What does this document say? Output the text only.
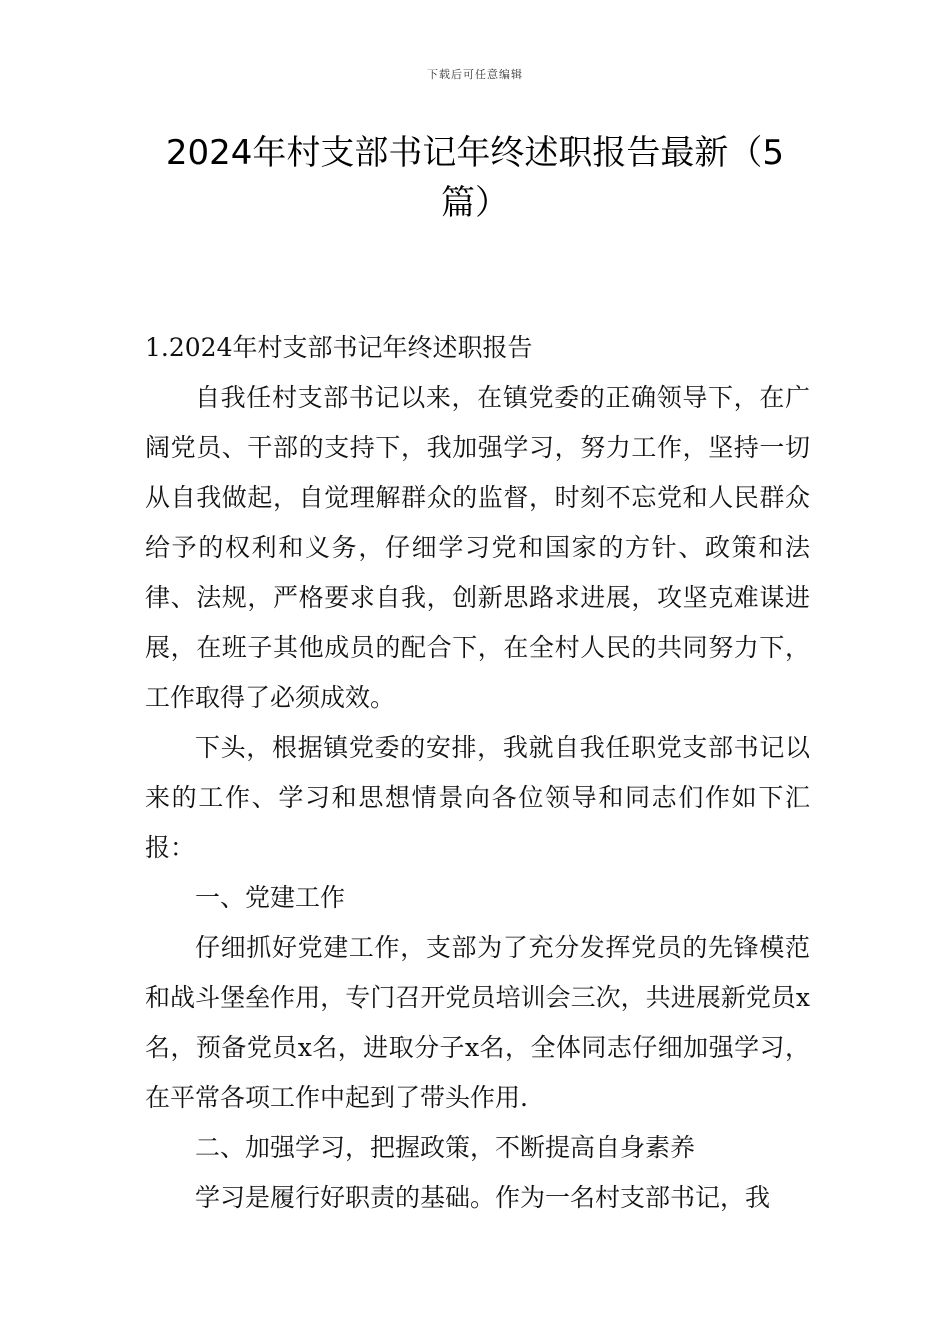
下载后可任意编辑
2024年村支部书记年终述职报告最新（5
篇）

1.2024年村支部书记年终述职报告

自我任村支部书记以来，在镇党委的正确领导下，在广阔党员、干部的支持下，我加强学习，努力工作，坚持一切从自我做起，自觉理解群众的监督，时刻不忘党和人民群众给予的权利和义务，仔细学习党和国家的方针、政策和法律、法规，严格要求自我，创新思路求进展，攻坚克难谋进展，在班子其他成员的配合下，在全村人民的共同努力下，工作取得了必须成效。

下头，根据镇党委的安排，我就自我任职党支部书记以来的工作、学习和思想情景向各位领导和同志们作如下汇报：

一、党建工作

仔细抓好党建工作，支部为了充分发挥党员的先锋模范和战斗堡垒作用，专门召开党员培训会三次，共进展新党员x名，预备党员x名，进取分子x名，全体同志仔细加强学习，在平常各项工作中起到了带头作用.

二、加强学习，把握政策，不断提高自身素养

学习是履行好职责的基础。作为一名村支部书记，我
